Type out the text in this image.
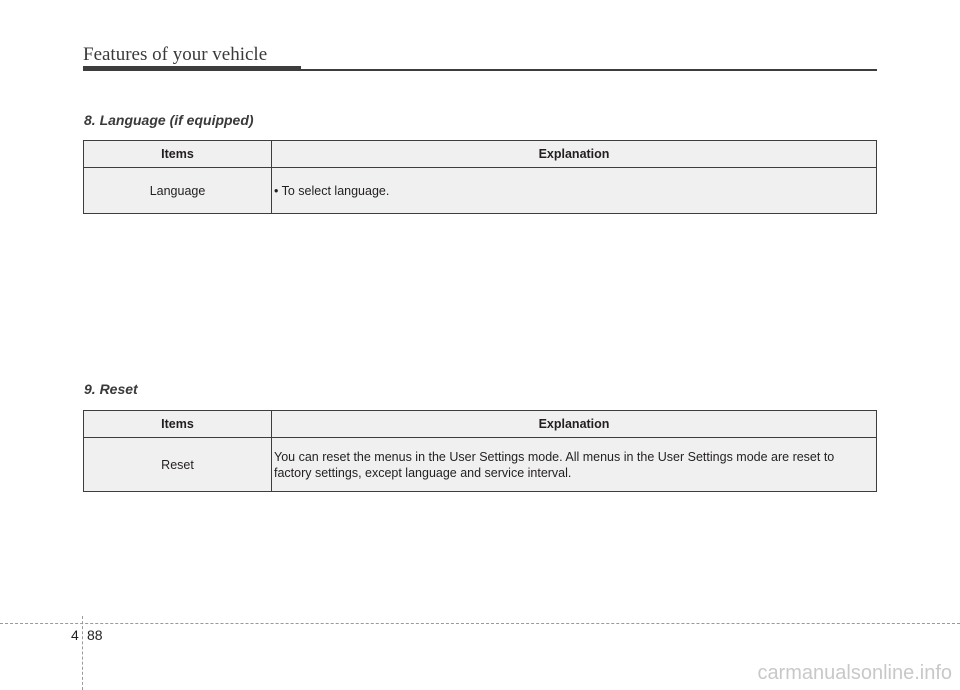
Features of your vehicle
8. Language (if equipped)
Items	Explanation
Language	• To select language.
9. Reset
Items	Explanation
Reset	You can reset the menus in the User Settings mode. All menus in the User Settings mode are reset to factory settings, except language and service interval.
4 88
carmanualsonline.info
